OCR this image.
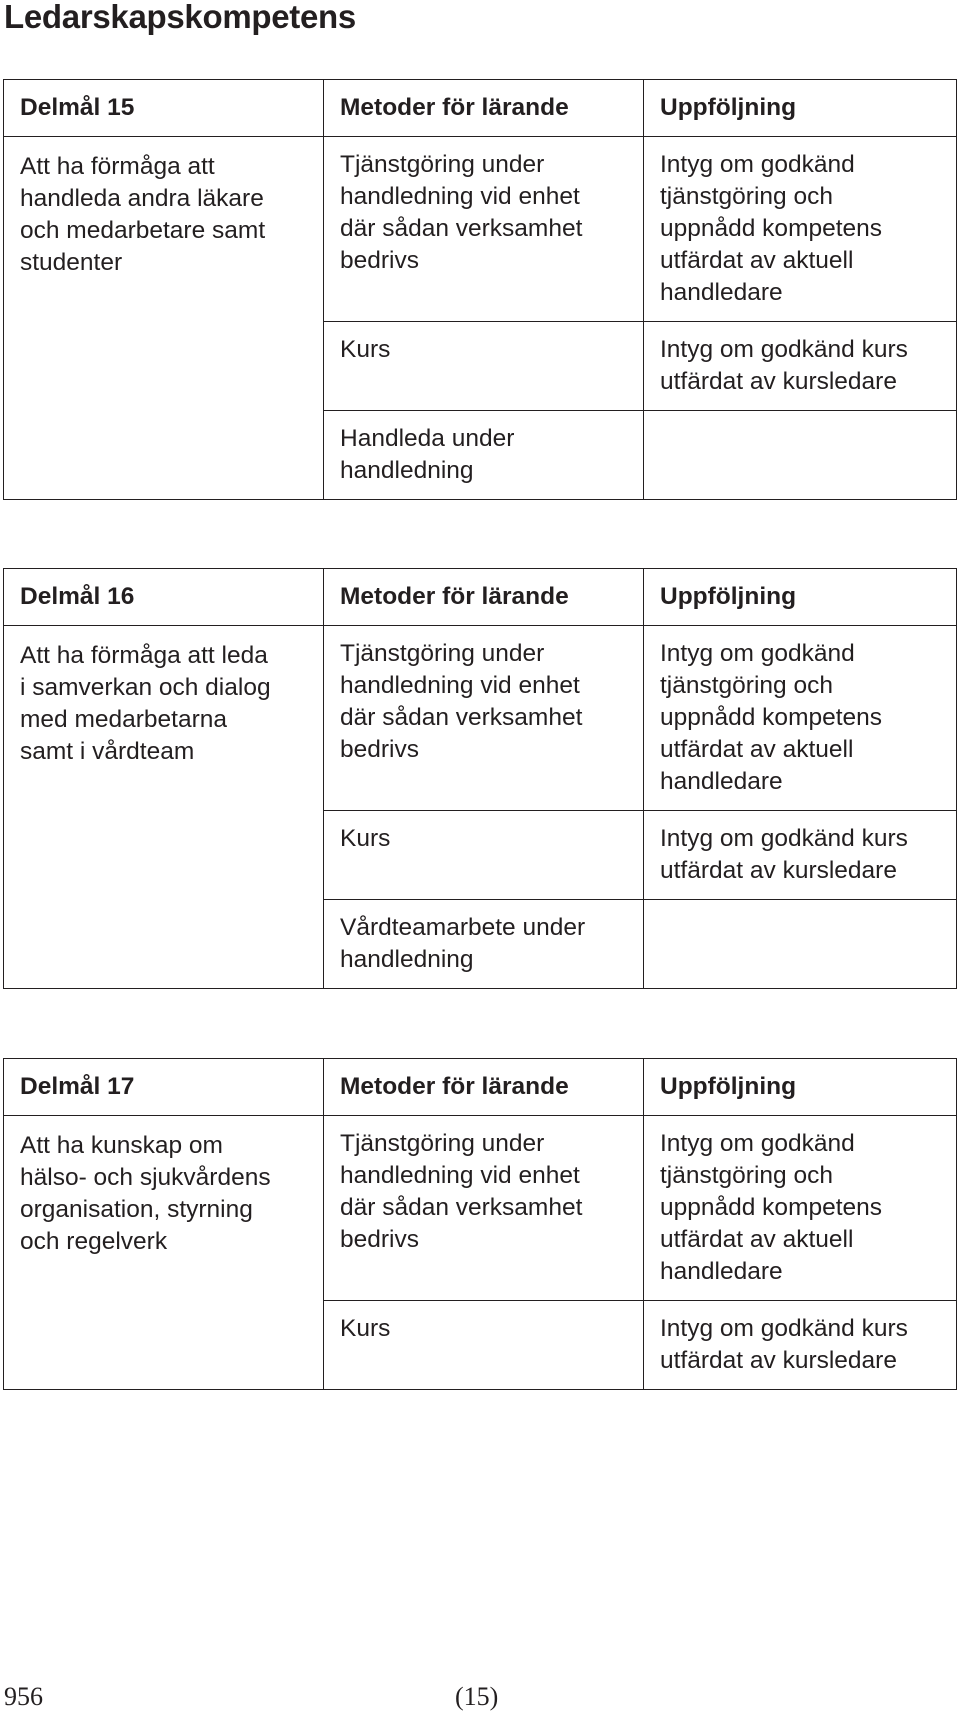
Ledarskapskompetens
Delmål 15	Metoder för lärande	Uppföljning

Att ha förmåga att
handleda andra läkare
och medarbetare samt
studenter	Tjänstgöring under
handledning vid enhet
där sådan verksamhet
bedrivs	Intyg om godkänd
tjänstgöring och
uppnådd kompetens
utfärdat av aktuell
handledare

	Kurs	Intyg om godkänd kurs
utfärdat av kursledare

	Handleda under
handledning	

Delmål 16	Metoder för lärande	Uppföljning

Att ha förmåga att leda
i samverkan och dialog
med medarbetarna
samt i vårdteam	Tjänstgöring under
handledning vid enhet
där sådan verksamhet
bedrivs	Intyg om godkänd
tjänstgöring och
uppnådd kompetens
utfärdat av aktuell
handledare

	Kurs	Intyg om godkänd kurs
utfärdat av kursledare

	Vårdteamarbete under
handledning	

Delmål 17	Metoder för lärande	Uppföljning

Att ha kunskap om
hälso- och sjukvårdens
organisation, styrning
och regelverk	Tjänstgöring under
handledning vid enhet
där sådan verksamhet
bedrivs	Intyg om godkänd
tjänstgöring och
uppnådd kompetens
utfärdat av aktuell
handledare

	Kurs	Intyg om godkänd kurs
utfärdat av kursledare

956	(15)
